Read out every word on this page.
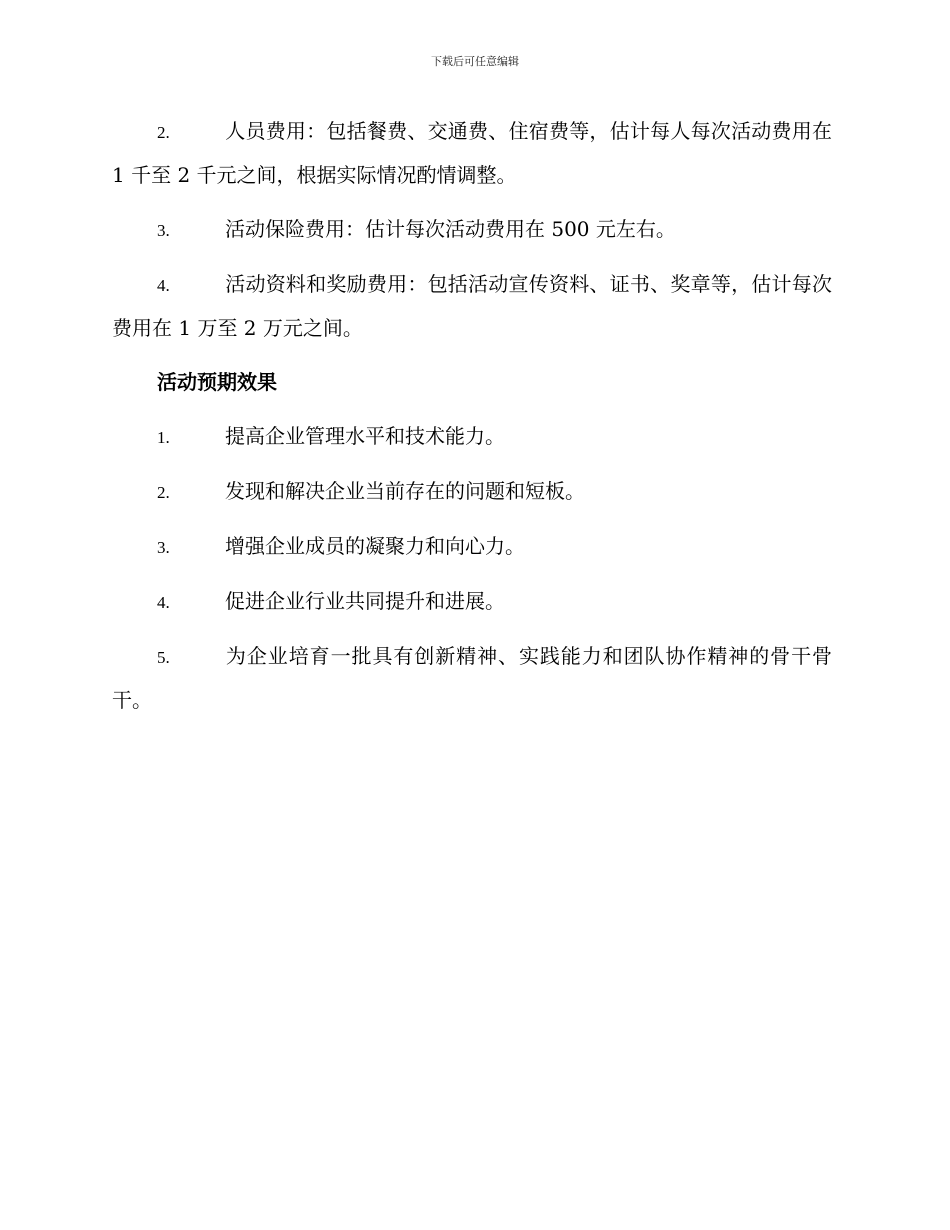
下载后可任意编辑
2.	人员费用：包括餐费、交通费、住宿费等，估计每人每次活动费用在 1 千至 2 千元之间，根据实际情况酌情调整。
3.	活动保险费用：估计每次活动费用在 500 元左右。
4.	活动资料和奖励费用：包括活动宣传资料、证书、奖章等，估计每次费用在 1 万至 2 万元之间。
活动预期效果
1.	提高企业管理水平和技术能力。
2.	发现和解决企业当前存在的问题和短板。
3.	增强企业成员的凝聚力和向心力。
4.	促进企业行业共同提升和进展。
5.	为企业培育一批具有创新精神、实践能力和团队协作精神的骨干骨干。
